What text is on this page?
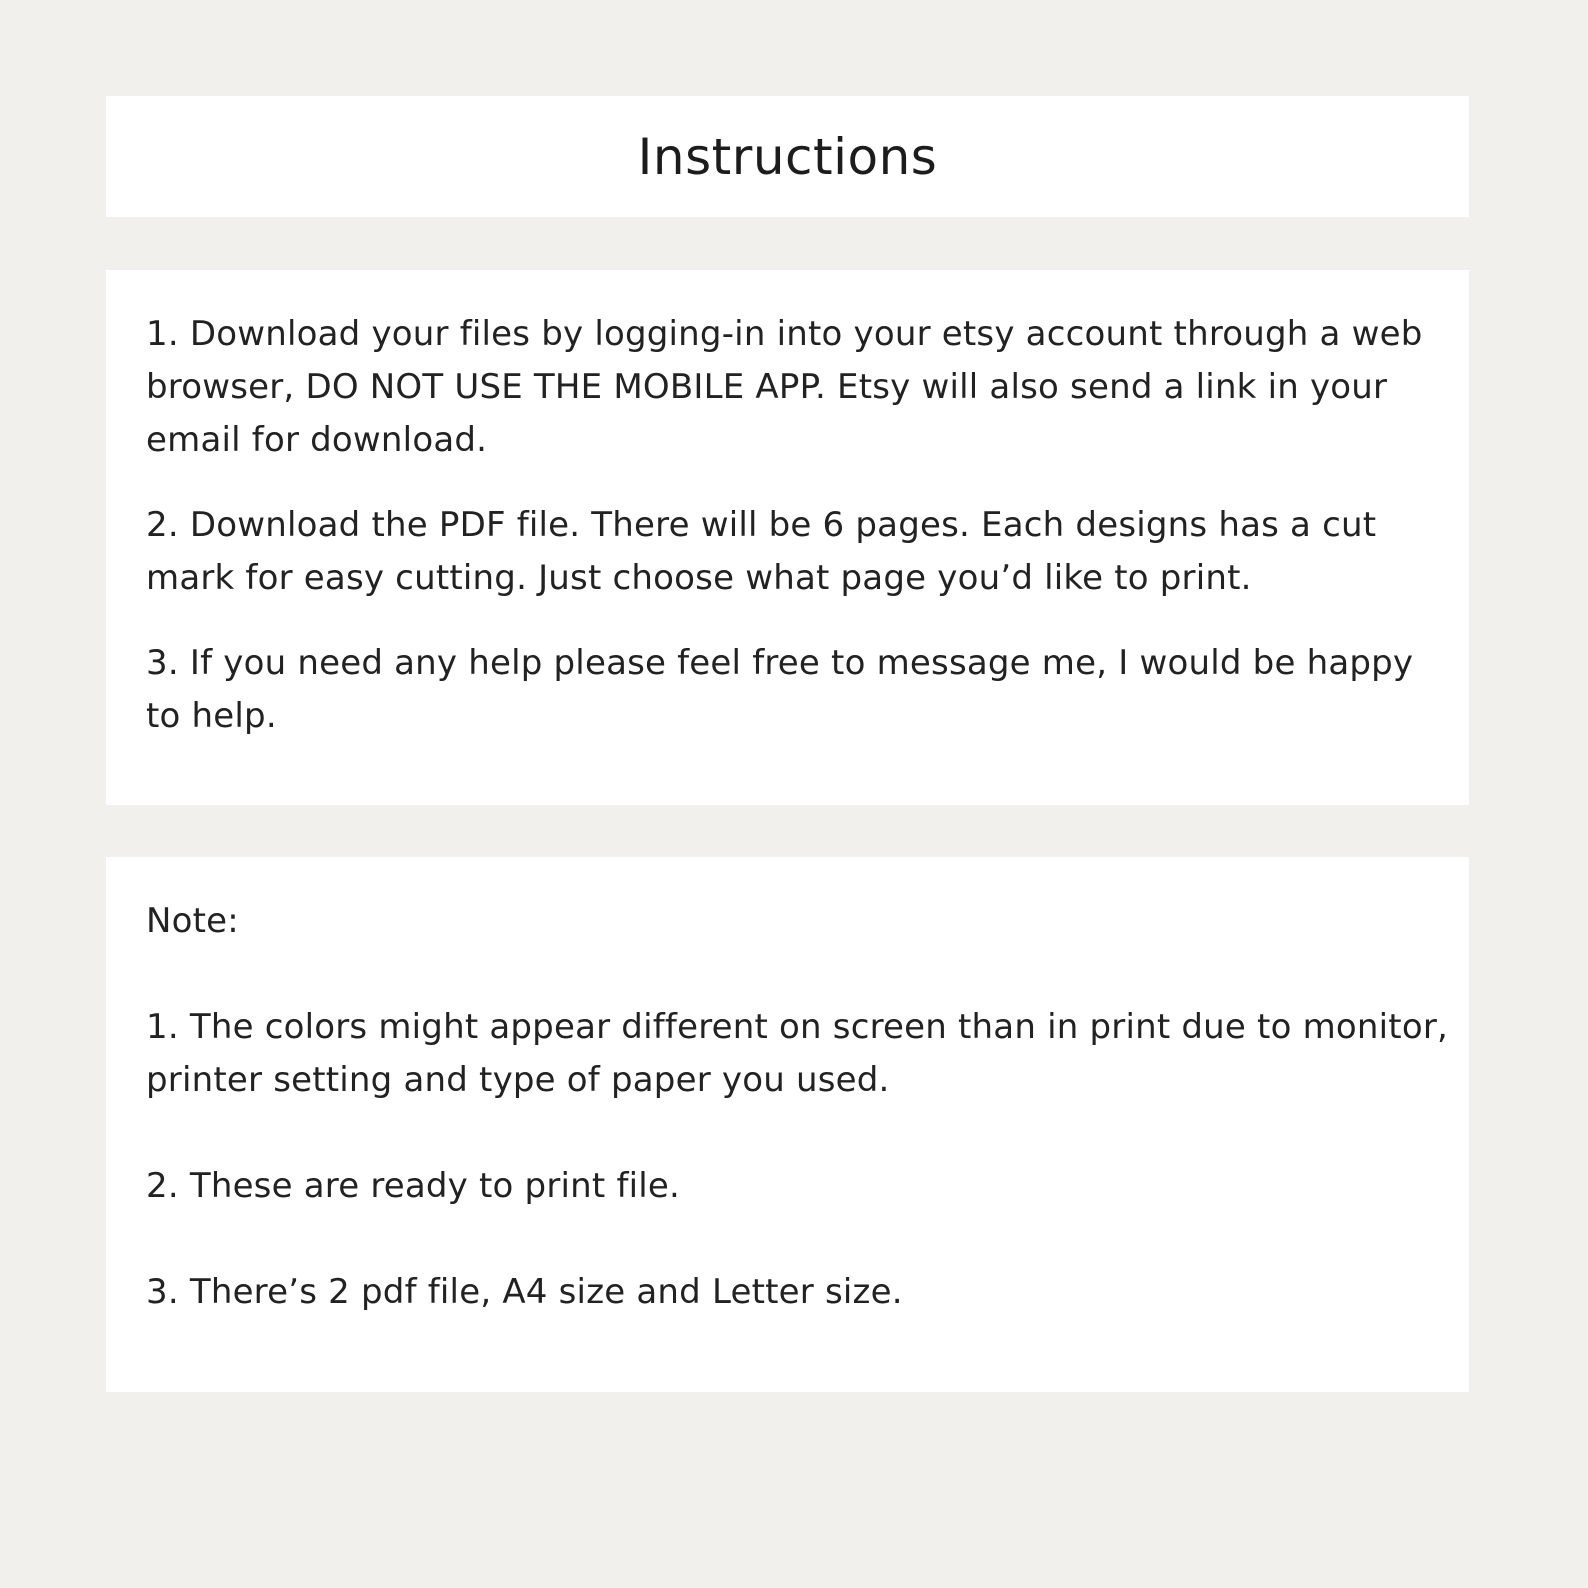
Instructions

1. Download your files by logging-in into your etsy account through a web browser, DO NOT USE THE MOBILE APP. Etsy will also send a link in your email for download.

2. Download the PDF file. There will be 6 pages. Each designs has a cut mark for easy cutting. Just choose what page you’d like to print.

3. If you need any help please feel free to message me, I would be happy to help.

Note:

1. The colors might appear different on screen than in print due to monitor, printer setting and type of paper you used.

2. These are ready to print file.

3. There’s 2 pdf file, A4 size and Letter size.
